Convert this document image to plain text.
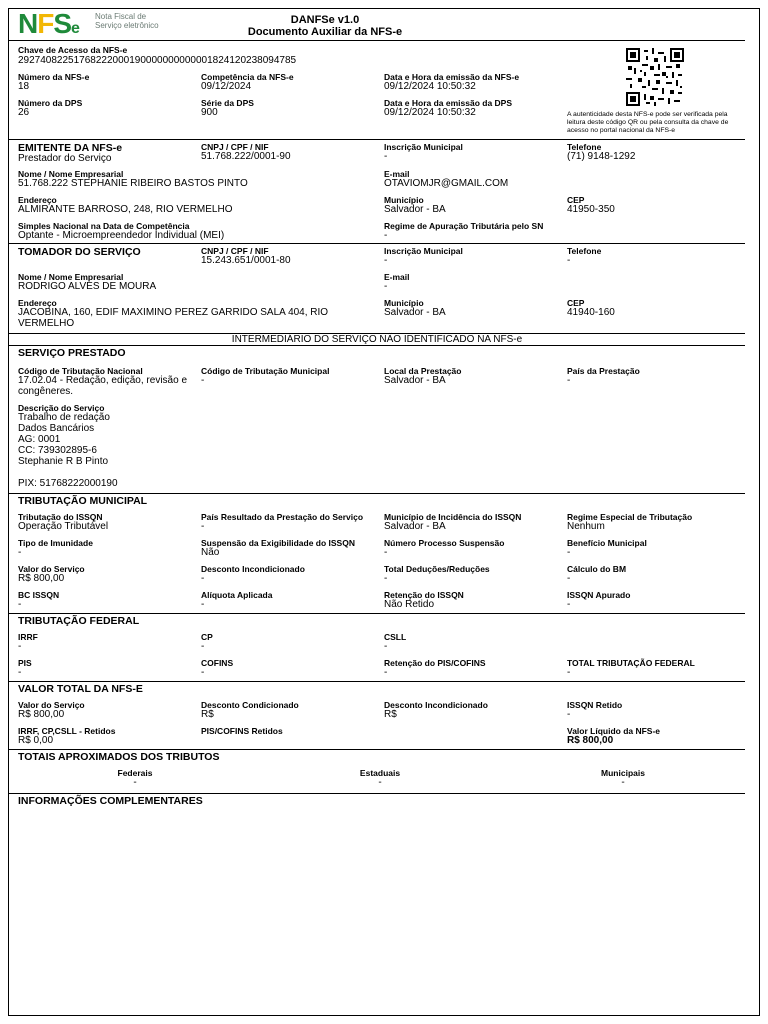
NFSe
Nota Fiscal de
Serviço eletrônico	DANFSe v1.0
Documento Auxiliar da NFS-e
Chave de Acesso da NFS-e
29274082251768222000190000000000001824120238094785
Número da NFS-e
18
Competência da NFS-e
09/12/2024
Data e Hora da emissão da NFS-e
09/12/2024 10:50:32
Número da DPS
26
Série da DPS
900
Data e Hora da emissão da DPS
09/12/2024 10:50:32	A autenticidade desta NFS-e pode ser verificada pela leitura deste código QR ou pela consulta da chave de acesso no portal nacional da NFS-e
EMITENTE DA NFS-e
Prestador do Serviço
CNPJ / CPF / NIF
51.768.222/0001-90
Inscrição Municipal
-
Telefone
(71) 9148-1292
Nome / Nome Empresarial
51.768.222 STEPHANIE RIBEIRO BASTOS PINTO
E-mail
OTAVIOMJR@GMAIL.COM
Endereço
ALMIRANTE BARROSO, 248, RIO VERMELHO
Município
Salvador - BA
CEP
41950-350
Simples Nacional na Data de Competência
Optante - Microempreendedor Individual (MEI)
Regime de Apuração Tributária pelo SN
-
TOMADOR DO SERVIÇO	CNPJ / CPF / NIF
15.243.651/0001-80
Inscrição Municipal
-
Telefone
-
Nome / Nome Empresarial
RODRIGO ALVES DE MOURA
E-mail
-
Endereço
JACOBINA, 160, EDIF MAXIMINO PEREZ GARRIDO SALA 404, RIO VERMELHO
Município
Salvador - BA
CEP
41940-160
INTERMEDIÁRIO DO SERVIÇO NÃO IDENTIFICADO NA NFS-e
SERVIÇO PRESTADO
Código de Tributação Nacional
17.02.04 - Redação, edição, revisão e congêneres.
Código de Tributação Municipal
-
Local da Prestação
Salvador - BA
País da Prestação
-
Descrição do Serviço
Trabalho de redação
Dados Bancários
AG: 0001
CC: 739302895-6
Stephanie R B Pinto
PIX: 51768222000190
TRIBUTAÇÃO MUNICIPAL
Tributação do ISSQN
Operação Tributável
País Resultado da Prestação do Serviço
-
Município de Incidência do ISSQN
Salvador - BA
Regime Especial de Tributação
Nenhum
Tipo de Imunidade
-
Suspensão da Exigibilidade do ISSQN
Não
Número Processo Suspensão
-
Benefício Municipal
-
Valor do Serviço
R$ 800,00
Desconto Incondicionado
-
Total Deduções/Reduções
-
Cálculo do BM
-
BC ISSQN
-
Alíquota Aplicada
-
Retenção do ISSQN
Não Retido
ISSQN Apurado
-
TRIBUTAÇÃO FEDERAL
IRRF
-
CP
-
CSLL
-
PIS
-
COFINS
-
Retenção do PIS/COFINS
-
TOTAL TRIBUTAÇÃO FEDERAL
-
VALOR TOTAL DA NFS-E
Valor do Serviço
R$ 800,00
Desconto Condicionado
R$
Desconto Incondicionado
R$
ISSQN Retido
-
IRRF, CP,CSLL - Retidos
R$ 0,00
PIS/COFINS Retidos	Valor Líquido da NFS-e
R$ 800,00
TOTAIS APROXIMADOS DOS TRIBUTOS
Federais
-
Estaduais
-
Municipais
-
INFORMAÇÕES COMPLEMENTARES
